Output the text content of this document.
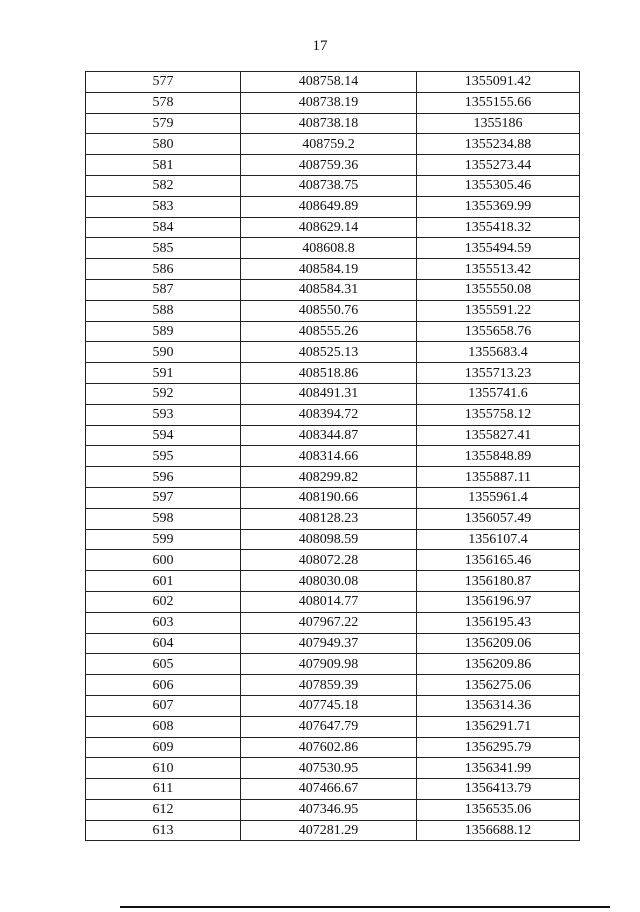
17
577	408758.14	1355091.42
578	408738.19	1355155.66
579	408738.18	1355186
580	408759.2	1355234.88
581	408759.36	1355273.44
582	408738.75	1355305.46
583	408649.89	1355369.99
584	408629.14	1355418.32
585	408608.8	1355494.59
586	408584.19	1355513.42
587	408584.31	1355550.08
588	408550.76	1355591.22
589	408555.26	1355658.76
590	408525.13	1355683.4
591	408518.86	1355713.23
592	408491.31	1355741.6
593	408394.72	1355758.12
594	408344.87	1355827.41
595	408314.66	1355848.89
596	408299.82	1355887.11
597	408190.66	1355961.4
598	408128.23	1356057.49
599	408098.59	1356107.4
600	408072.28	1356165.46
601	408030.08	1356180.87
602	408014.77	1356196.97
603	407967.22	1356195.43
604	407949.37	1356209.06
605	407909.98	1356209.86
606	407859.39	1356275.06
607	407745.18	1356314.36
608	407647.79	1356291.71
609	407602.86	1356295.79
610	407530.95	1356341.99
611	407466.67	1356413.79
612	407346.95	1356535.06
613	407281.29	1356688.12
